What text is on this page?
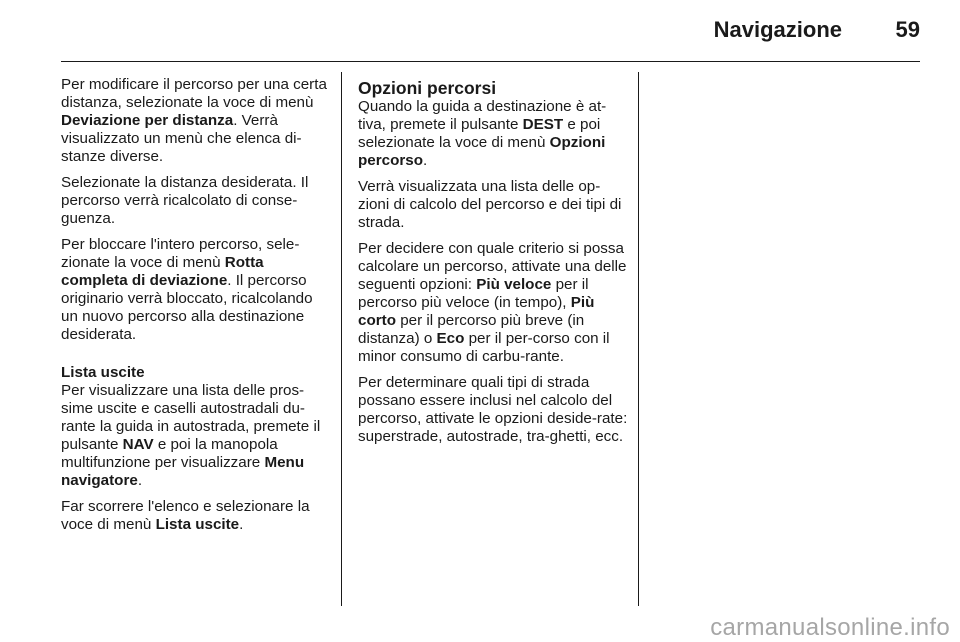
Navigazione	59

Per modificare il percorso per una certa distanza, selezionate la voce di menù Deviazione per distanza. Verrà visualizzato un menù che elenca di-stanze diverse.

Selezionate la distanza desiderata. Il percorso verrà ricalcolato di conse-guenza.

Per bloccare l'intero percorso, sele-zionate la voce di menù Rotta completa di deviazione. Il percorso originario verrà bloccato, ricalcolando un nuovo percorso alla destinazione desiderata.

Lista uscite

Per visualizzare una lista delle pros-sime uscite e caselli autostradali du-rante la guida in autostrada, premete il pulsante NAV e poi la manopola multifunzione per visualizzare Menu navigatore.

Far scorrere l'elenco e selezionare la voce di menù Lista uscite.

Opzioni percorsi

Quando la guida a destinazione è at-tiva, premete il pulsante DEST e poi selezionate la voce di menù Opzioni percorso.

Verrà visualizzata una lista delle op-zioni di calcolo del percorso e dei tipi di strada.

Per decidere con quale criterio si possa calcolare un percorso, attivate una delle seguenti opzioni: Più veloce per il percorso più veloce (in tempo), Più corto per il percorso più breve (in distanza) o Eco per il per-corso con il minor consumo di carbu-rante.

Per determinare quali tipi di strada possano essere inclusi nel calcolo del percorso, attivate le opzioni deside-rate: superstrade, autostrade, tra-ghetti, ecc.

carmanualsonline.info
